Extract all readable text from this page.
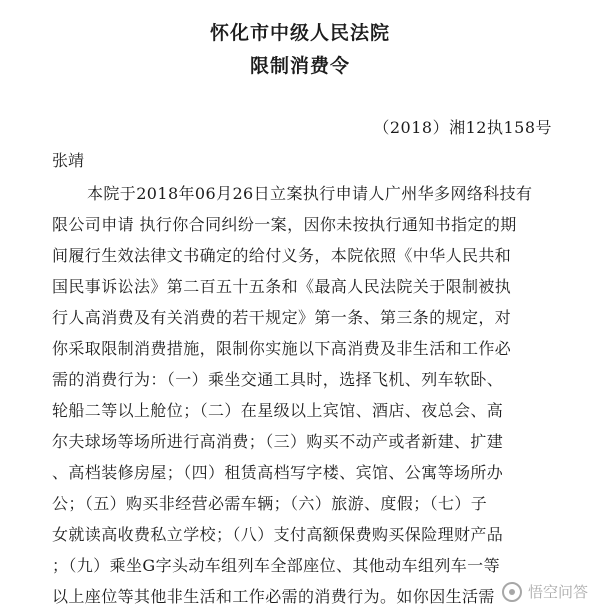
怀化市中级人民法院
限制消费令
（2018）湘12执158号
张靖
本院于2018年06月26日立案执行申请人广州华多网络科技有
限公司申请 执行你合同纠纷一案，因你未按执行通知书指定的期
间履行生效法律文书确定的给付义务，本院依照《中华人民共和
国民事诉讼法》第二百五十五条和《最高人民法院关于限制被执
行人高消费及有关消费的若干规定》第一条、第三条的规定，对
你采取限制消费措施，限制你实施以下高消费及非生活和工作必
需的消费行为：（一）乘坐交通工具时，选择飞机、列车软卧、
轮船二等以上舱位；（二）在星级以上宾馆、酒店、夜总会、高
尔夫球场等场所进行高消费；（三）购买不动产或者新建、扩建
、高档装修房屋；（四）租赁高档写字楼、宾馆、公寓等场所办
公；（五）购买非经营必需车辆；（六）旅游、度假；（七）子
女就读高收费私立学校；（八）支付高额保费购买保险理财产品
；（九）乘坐G字头动车组列车全部座位、其他动车组列车一等
以上座位等其他非生活和工作必需的消费行为。如你因生活需	悟空问答
